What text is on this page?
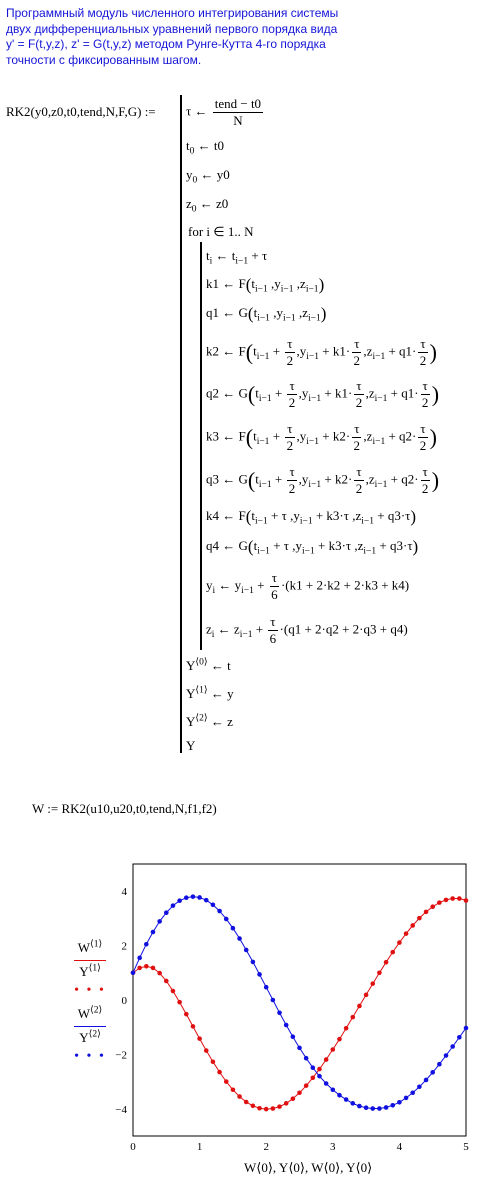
Программный модуль численного интегрирования системы
двух дифференциальных уравнений первого порядка вида
y' = F(t,y,z), z' = G(t,y,z) методом Рунге-Кутта 4-го порядка
точности с фиксированным шагом.
RK2(y0,z0,t0,tend,N,F,G) := τ ← $\frac{\text{tend − t0}}{N}$
$t_0$ ← t0
$y_0$ ← y0
$z_0$ ← z0
for i ∈ 1.. N
$t_i$ ← $t_{i-1} + \tau$
k1 ← $F(t_{i-1}$ $,y_{i-1}$ $,z_{i-1}$)
q1 ← $G(t_{i-1}$ $,y_{i-1}$ $,z_{i-1}$)
k2 ← $F(t_{i-1} + \frac{\tau}{2} ,y_{i-1} + k1\cdot \frac{\tau}{2} ,z_{i-1} + q1\cdot \frac{\tau}{2}$ )
q2 ← $G(t_{i-1} + \frac{\tau}{2} ,y_{i-1} + k1\cdot \frac{\tau}{2} ,z_{i-1} + q1\cdot \frac{\tau}{2}$ )
k3 ← $F(t_{i-1} + \frac{\tau}{2} ,y_{i-1} + k2\cdot \frac{\tau}{2} ,z_{i-1} + q2\cdot \frac{\tau}{2}$ )
q3 ← $G(t_{i-1} + \frac{\tau}{2} ,y_{i-1} + k2\cdot \frac{\tau}{2} ,z_{i-1} + q2\cdot \frac{\tau}{2}$ )
k4 ← $F(t_{i-1} + \tau$ $,y_{i-1} + k3\cdot\tau$ $,z_{i-1} + q3\cdot\tau$)
q4 ← $G(t_{i-1} + \tau$ $,y_{i-1} + k3\cdot\tau$ $,z_{i-1} + q3\cdot\tau$)
$y_i$ ← $y_{i-1} + \frac{\tau}{6} \cdot(k1 + 2\cdot k2 + 2\cdot k3 + k4)$
$z_i$ ← $z_{i-1} + \frac{\tau}{6} \cdot(q1 + 2\cdot q2 + 2\cdot q3 + q4)$
$Y^{⟨0⟩}$ ← t
$Y^{⟨1⟩}$ ← y
$Y^{⟨2⟩}$ ← z
Y
W := RK2(u10,u20,t0,tend,N,f1,f2)
$W^{⟨1⟩}$
$Y^{⟨1⟩}$
• • •
$W^{⟨2⟩}$
$Y^{⟨2⟩}$
• • •
0	1	2	3	4	5
4
2
0
−2
−4
W⟨0⟩, Y⟨0⟩, W⟨0⟩, Y⟨0⟩
